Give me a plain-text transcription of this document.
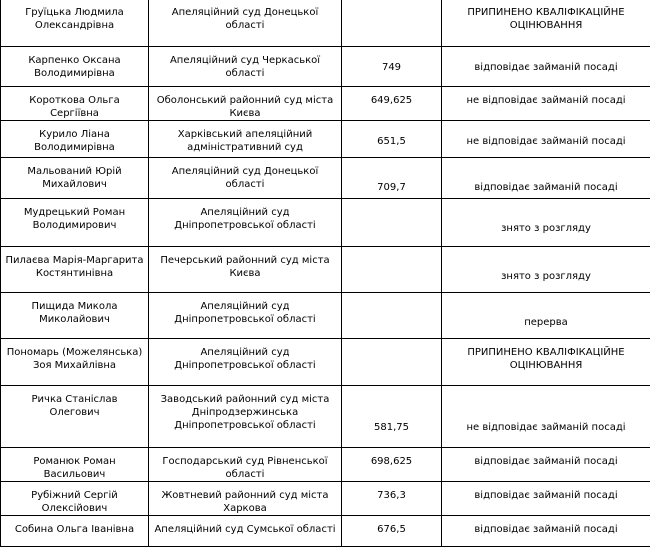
Груїцька Людмила Олександрівна	Апеляційний суд Донецької області		ПРИПИНЕНО КВАЛІФІКАЦІЙНЕ ОЦІНЮВАННЯ
Карпенко Оксана Володимирівна	Апеляційний суд Черкаської області	749	відповідає займаній посаді
Короткова Ольга Сергіївна	Оболонський районний суд міста Києва	649,625	не відповідає займаній посаді
Курило Ліана Володимирівна	Харківський апеляційний адміністративний суд	651,5	не відповідає займаній посаді
Мальований Юрій Михайлович	Апеляційний суд Донецької області	709,7	відповідає займаній посаді
Мудрецький Роман Володимирович	Апеляційний суд Дніпропетровської області		знято з розгляду
Пилаєва Марія-Маргарита Костянтинівна	Печерський районний суд міста Києва		знято з розгляду
Пищида Микола Миколайович	Апеляційний суд Дніпропетровської області		перерва
Пономарь (Можелянська) Зоя Михайлівна	Апеляційний суд Дніпропетровської області		ПРИПИНЕНО КВАЛІФІКАЦІЙНЕ ОЦІНЮВАННЯ
Ричка Станіслав Олегович	Заводський районний суд міста Дніпродзержинська Дніпропетровської області	581,75	не відповідає займаній посаді
Романюк Роман Васильович	Господарський суд Рівненської області	698,625	відповідає займаній посаді
Рубіжний Сергій Олексійович	Жовтневий районний суд міста Харкова	736,3	відповідає займаній посаді
Собина Ольга Іванівна	Апеляційний суд Сумської області	676,5	відповідає займаній посаді
